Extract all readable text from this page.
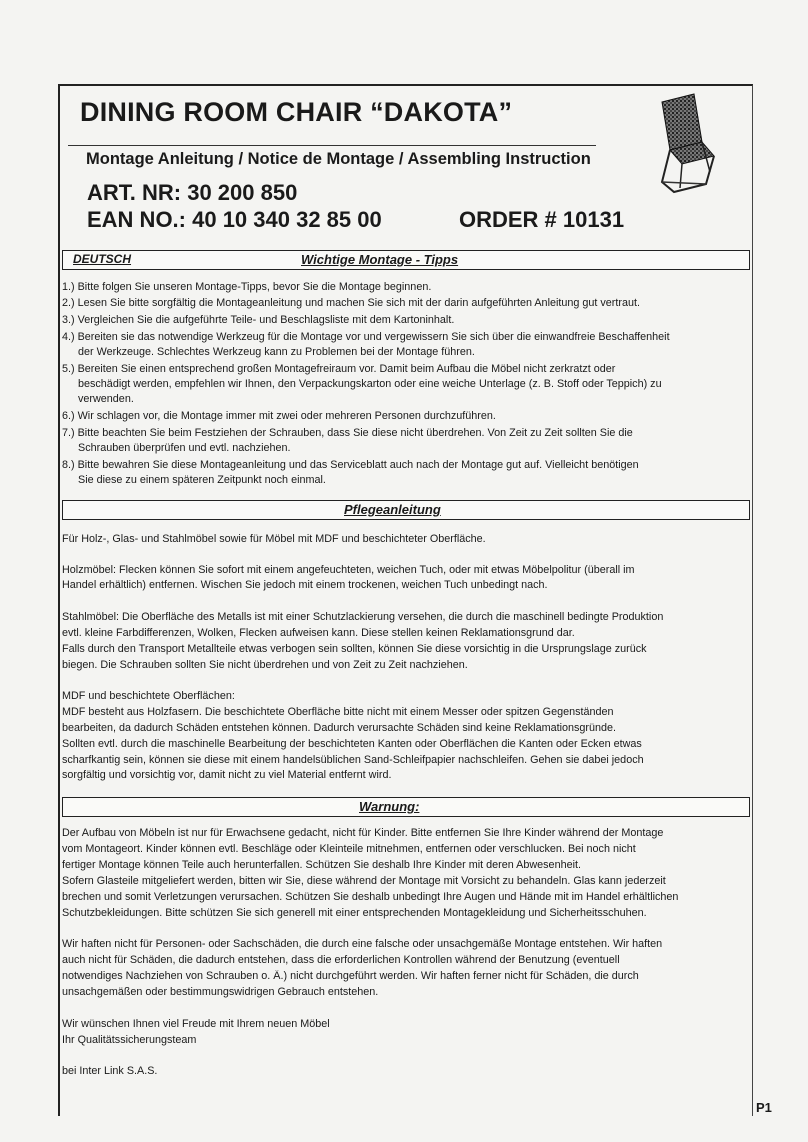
DINING ROOM CHAIR “DAKOTA”
Montage Anleitung / Notice de Montage / Assembling Instruction
ART. NR: 30 200 850
EAN NO.: 40 10 340 32 85 00	ORDER # 10131
DEUTSCH	Wichtige Montage - Tipps
1.) Bitte folgen Sie unseren Montage-Tipps, bevor Sie die Montage beginnen.
2.) Lesen Sie bitte sorgfältig die Montageanleitung und machen Sie sich mit der darin aufgeführten Anleitung gut vertraut.
3.) Vergleichen Sie die aufgeführte Teile- und Beschlagsliste mit dem Kartoninhalt.
4.) Bereiten sie das notwendige Werkzeug für die Montage vor und vergewissern Sie sich über die einwandfreie Beschaffenheit
der Werkzeuge. Schlechtes Werkzeug kann zu Problemen bei der Montage führen.
5.) Bereiten Sie einen entsprechend großen Montagefreiraum vor. Damit beim Aufbau die Möbel nicht zerkratzt oder
beschädigt werden, empfehlen wir Ihnen, den Verpackungskarton oder eine weiche Unterlage (z. B. Stoff oder Teppich) zu
verwenden.
6.) Wir schlagen vor, die Montage immer mit zwei oder mehreren Personen durchzuführen.
7.) Bitte beachten Sie beim Festziehen der Schrauben, dass Sie diese nicht überdrehen. Von Zeit zu Zeit sollten Sie die
Schrauben überprüfen und evtl. nachziehen.
8.) Bitte bewahren Sie diese Montageanleitung und das Serviceblatt auch nach der Montage gut auf. Vielleicht benötigen
Sie diese zu einem späteren Zeitpunkt noch einmal.
Pflegeanleitung
Für Holz-, Glas- und Stahlmöbel sowie für Möbel mit MDF und beschichteter Oberfläche.
Holzmöbel: Flecken können Sie sofort mit einem angefeuchteten, weichen Tuch, oder mit etwas Möbelpolitur (überall im
Handel erhältlich) entfernen. Wischen Sie jedoch mit einem trockenen, weichen Tuch unbedingt nach.
Stahlmöbel: Die Oberfläche des Metalls ist mit einer Schutzlackierung versehen, die durch die maschinell bedingte Produktion
evtl. kleine Farbdifferenzen, Wolken, Flecken aufweisen kann. Diese stellen keinen Reklamationsgrund dar.
Falls durch den Transport Metallteile etwas verbogen sein sollten, können Sie diese vorsichtig in die Ursprungslage zurück
biegen. Die Schrauben sollten Sie nicht überdrehen und von Zeit zu Zeit nachziehen.
MDF und beschichtete Oberflächen:
MDF besteht aus Holzfasern. Die beschichtete Oberfläche bitte nicht mit einem Messer oder spitzen Gegenständen
bearbeiten, da dadurch Schäden entstehen können. Dadurch verursachte Schäden sind keine Reklamationsgründe.
Sollten evtl. durch die maschinelle Bearbeitung der beschichteten Kanten oder Oberflächen die Kanten oder Ecken etwas
scharfkantig sein, können sie diese mit einem handelsüblichen Sand-Schleifpapier nachschleifen. Gehen sie dabei jedoch
sorgfältig und vorsichtig vor, damit nicht zu viel Material entfernt wird.
Warnung:
Der Aufbau von Möbeln ist nur für Erwachsene gedacht, nicht für Kinder. Bitte entfernen Sie Ihre Kinder während der Montage
vom Montageort. Kinder können evtl. Beschläge oder Kleinteile mitnehmen, entfernen oder verschlucken. Bei noch nicht
fertiger Montage können Teile auch herunterfallen. Schützen Sie deshalb Ihre Kinder mit deren Abwesenheit.
Sofern Glasteile mitgeliefert werden, bitten wir Sie, diese während der Montage mit Vorsicht zu behandeln. Glas kann jederzeit
brechen und somit Verletzungen verursachen. Schützen Sie deshalb unbedingt Ihre Augen und Hände mit im Handel erhältlichen
Schutzbekleidungen. Bitte schützen Sie sich generell mit einer entsprechenden Montagekleidung und Sicherheitsschuhen.
Wir haften nicht für Personen- oder Sachschäden, die durch eine falsche oder unsachgemäße Montage entstehen. Wir haften
auch nicht für Schäden, die dadurch entstehen, dass die erforderlichen Kontrollen während der Benutzung (eventuell
notwendiges Nachziehen von Schrauben o. Ä.) nicht durchgeführt werden. Wir haften ferner nicht für Schäden, die durch
unsachgemäßen oder bestimmungswidrigen Gebrauch entstehen.
Wir wünschen Ihnen viel Freude mit Ihrem neuen Möbel
Ihr Qualitätssicherungsteam
bei Inter Link S.A.S.
P1
